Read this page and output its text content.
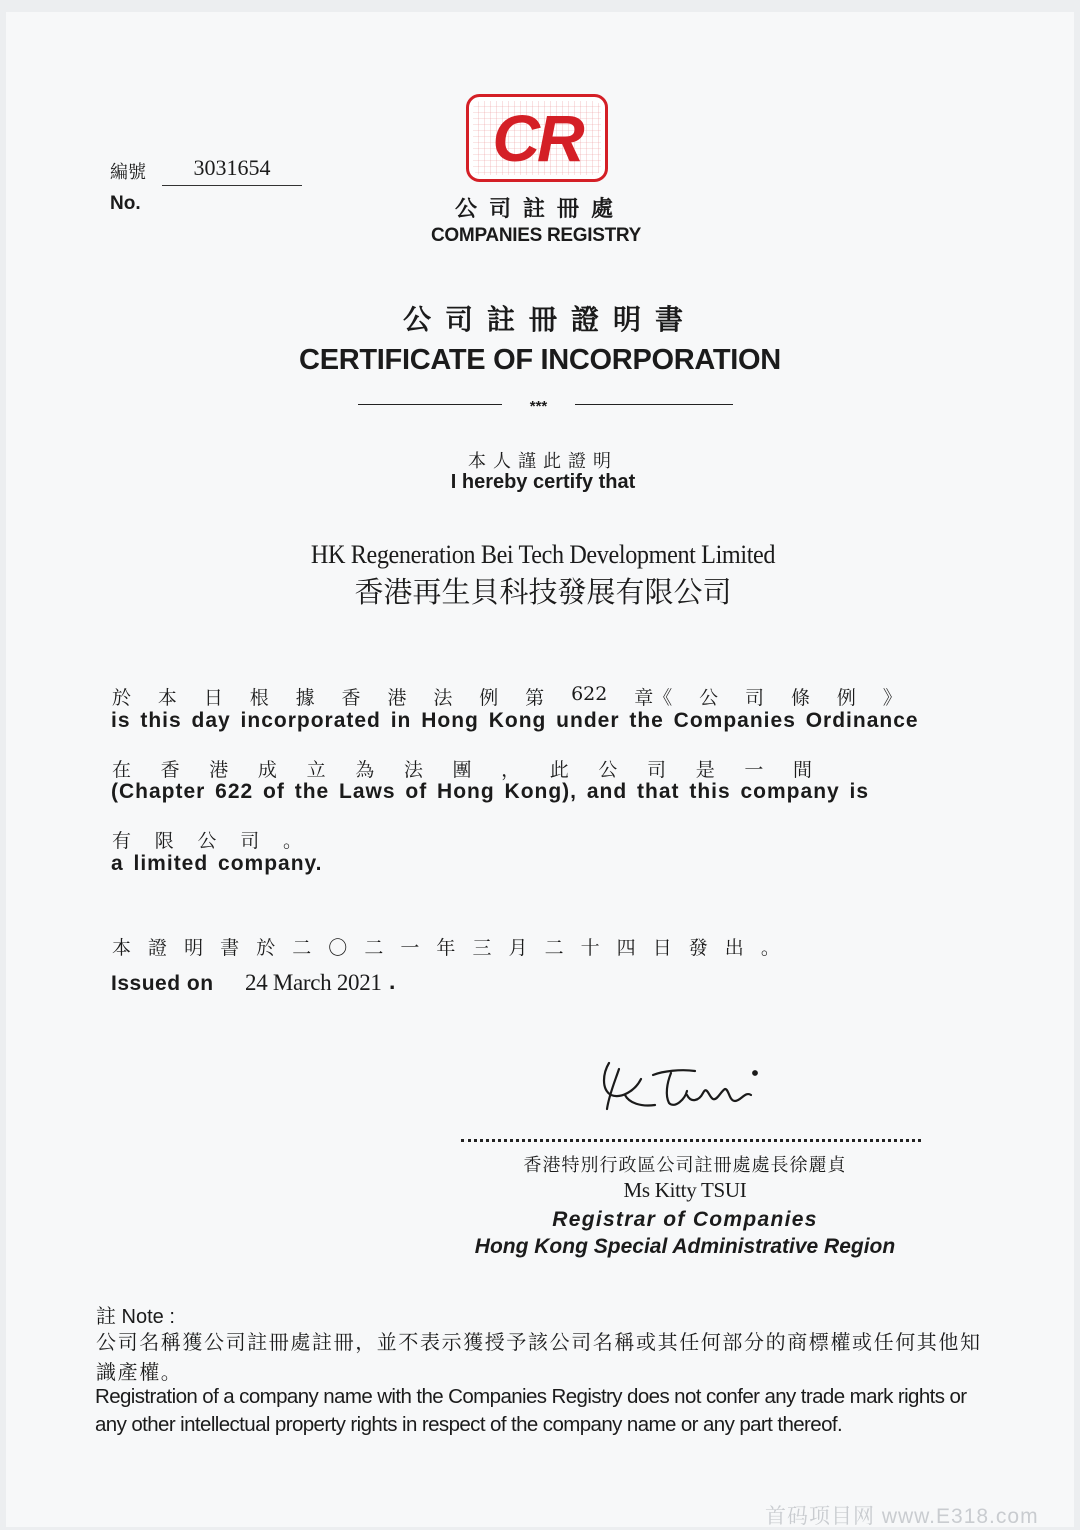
編號	3031654
No.
CR
公司註冊處
COMPANIES REGISTRY
公司註冊證明書
CERTIFICATE OF INCORPORATION
***
本人謹此證明
I hereby certify that
HK Regeneration Bei Tech Development Limited
香港再生貝科技發展有限公司
於 本 日 根 據 香 港 法 例 第 622 章《 公 司 條 例 》
is this day incorporated in Hong Kong under the Companies Ordinance
在 香 港 成 立 為 法 團 ， 此 公 司 是 一 間
(Chapter 622 of the Laws of Hong Kong), and that this company is
有 限 公 司 。
a limited company.
本 證 明 書 於 二 〇 二 一 年 三 月 二 十 四 日 發 出 。
Issued on 24 March 2021 .
香港特別行政區公司註冊處處長徐麗貞
Ms Kitty TSUI
Registrar of Companies
Hong Kong Special Administrative Region
註 Note :
公司名稱獲公司註冊處註冊，並不表示獲授予該公司名稱或其任何部分的商標權或任何其他知識產權。
Registration of a company name with the Companies Registry does not confer any trade mark rights or any other intellectual property rights in respect of the company name or any part thereof.
首码项目网 www.E318.com
